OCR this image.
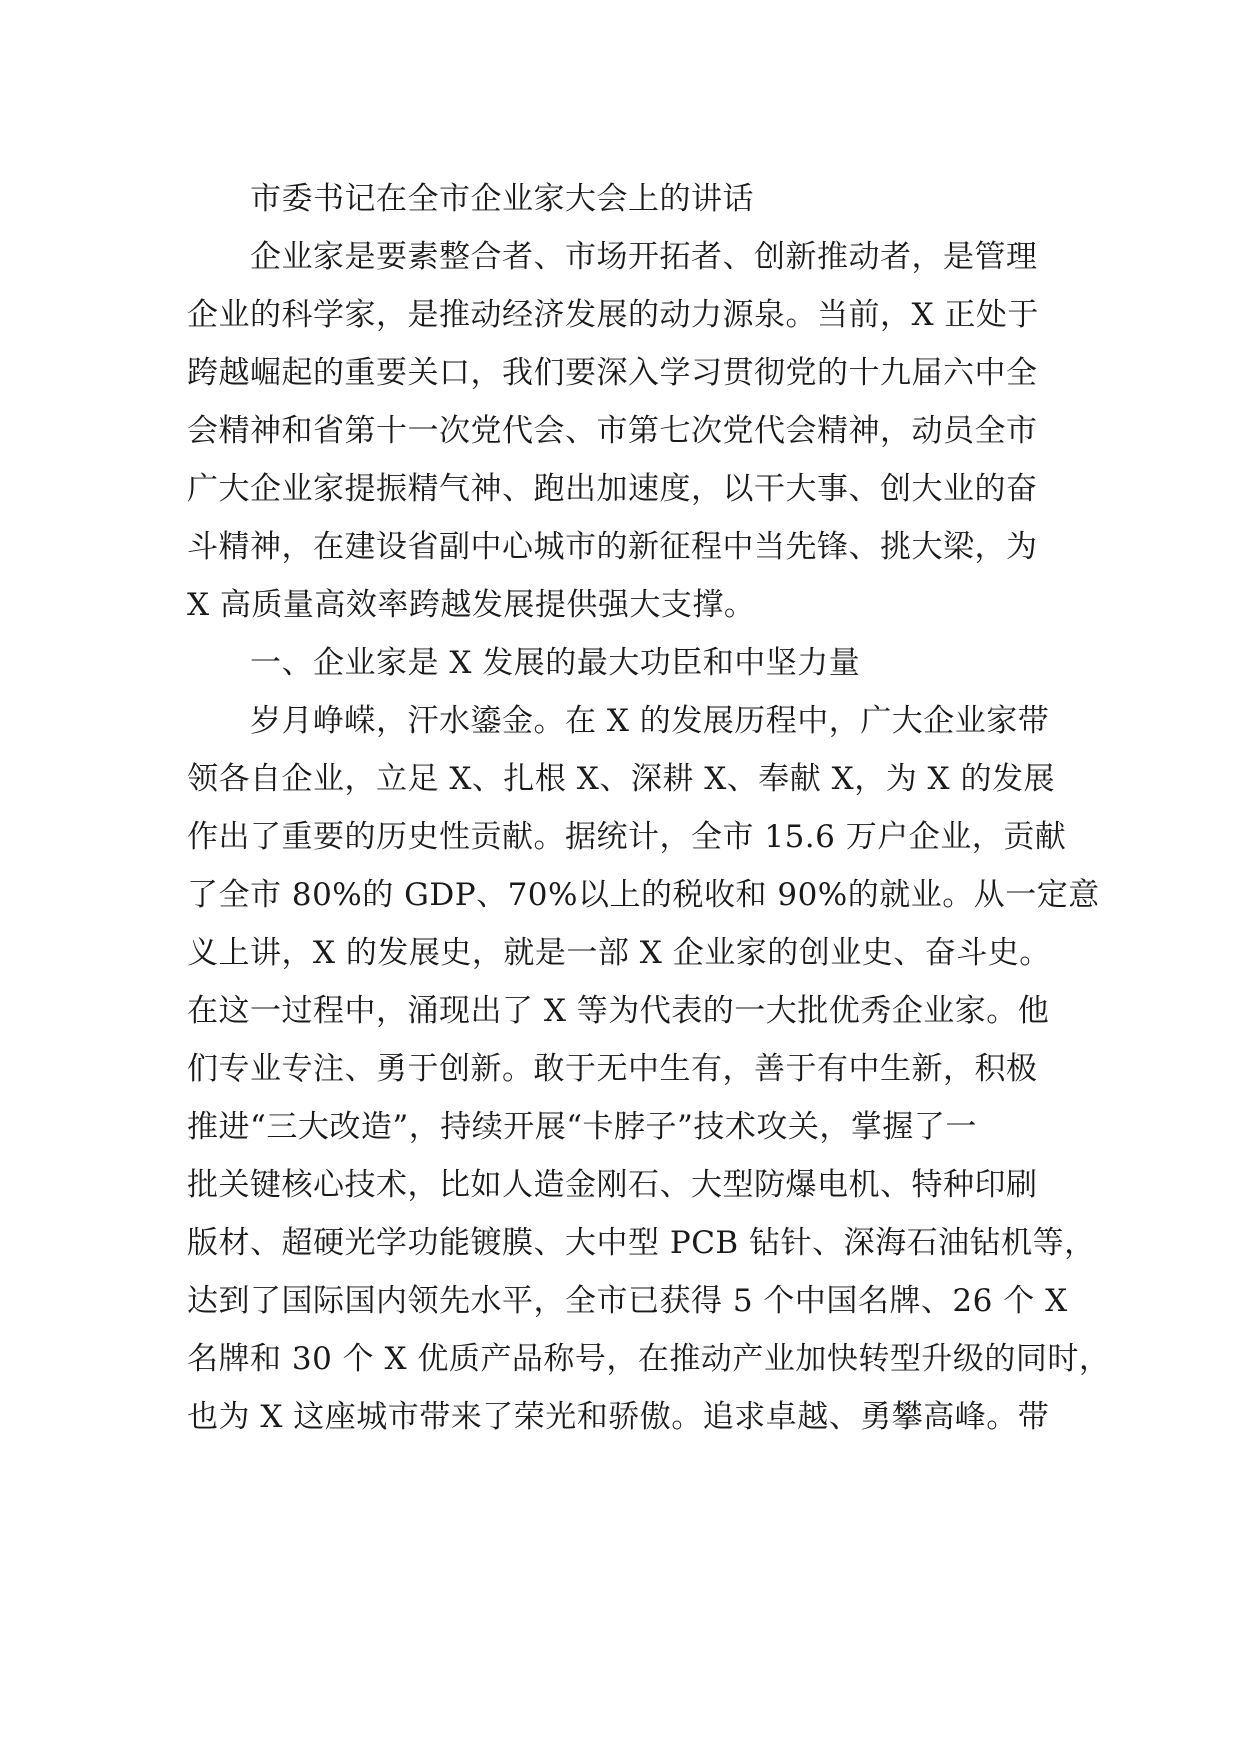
市委书记在全市企业家大会上的讲话
企业家是要素整合者、市场开拓者、创新推动者，是管理
企业的科学家，是推动经济发展的动力源泉。当前，X 正处于
跨越崛起的重要关口，我们要深入学习贯彻党的十九届六中全
会精神和省第十一次党代会、市第七次党代会精神，动员全市
广大企业家提振精气神、跑出加速度，以干大事、创大业的奋
斗精神，在建设省副中心城市的新征程中当先锋、挑大梁，为
X 高质量高效率跨越发展提供强大支撑。
一、企业家是 X 发展的最大功臣和中坚力量
岁月峥嵘，汗水鎏金。在 X 的发展历程中，广大企业家带
领各自企业，立足 X、扎根 X、深耕 X、奉献 X，为 X 的发展
作出了重要的历史性贡献。据统计，全市 15.6 万户企业，贡献
了全市 80%的 GDP、70%以上的税收和 90%的就业。从一定意
义上讲，X 的发展史，就是一部 X 企业家的创业史、奋斗史。
在这一过程中，涌现出了 X 等为代表的一大批优秀企业家。他
们专业专注、勇于创新。敢于无中生有，善于有中生新，积极
推进“三大改造”，持续开展“卡脖子”技术攻关，掌握了一
批关键核心技术，比如人造金刚石、大型防爆电机、特种印刷
版材、超硬光学功能镀膜、大中型 PCB 钻针、深海石油钻机等，
达到了国际国内领先水平，全市已获得 5 个中国名牌、26 个 X
名牌和 30 个 X 优质产品称号，在推动产业加快转型升级的同时，
也为 X 这座城市带来了荣光和骄傲。追求卓越、勇攀高峰。带
